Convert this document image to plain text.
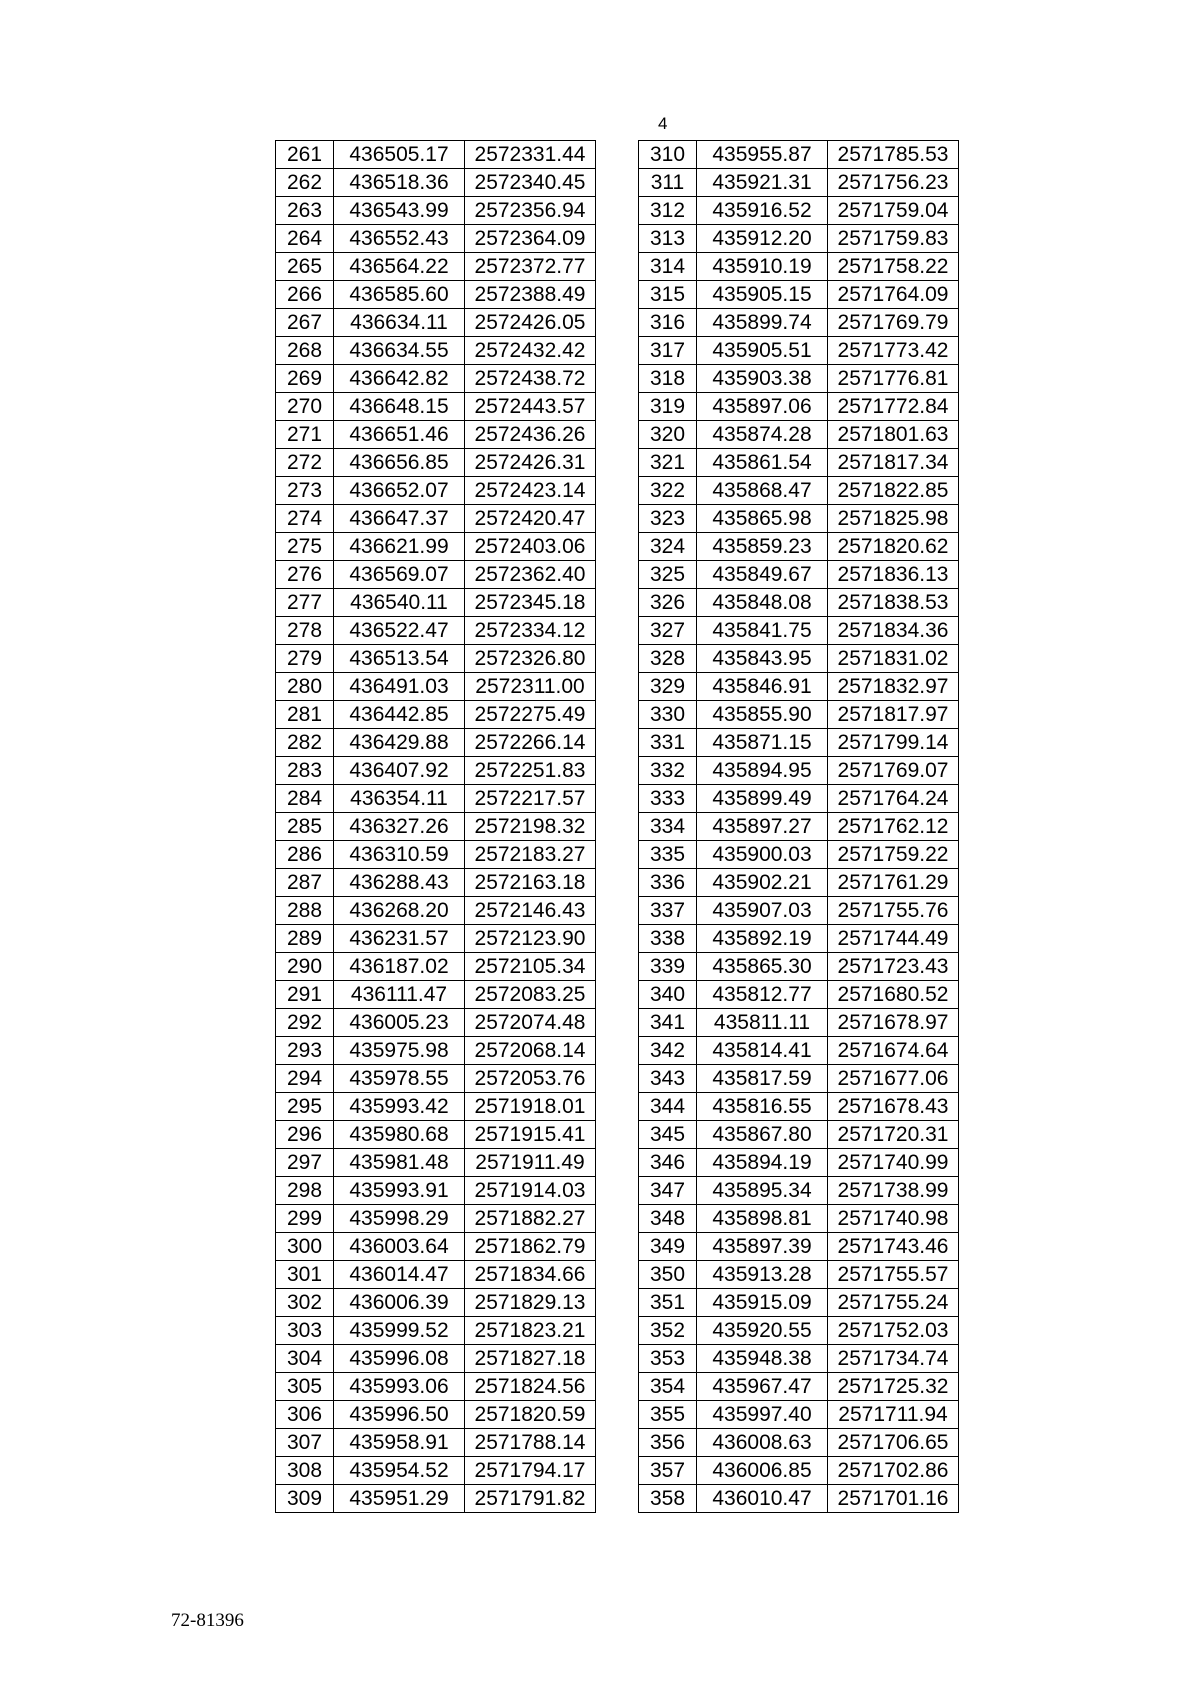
4
261	436505.17	2572331.44
262	436518.36	2572340.45
263	436543.99	2572356.94
264	436552.43	2572364.09
265	436564.22	2572372.77
266	436585.60	2572388.49
267	436634.11	2572426.05
268	436634.55	2572432.42
269	436642.82	2572438.72
270	436648.15	2572443.57
271	436651.46	2572436.26
272	436656.85	2572426.31
273	436652.07	2572423.14
274	436647.37	2572420.47
275	436621.99	2572403.06
276	436569.07	2572362.40
277	436540.11	2572345.18
278	436522.47	2572334.12
279	436513.54	2572326.80
280	436491.03	2572311.00
281	436442.85	2572275.49
282	436429.88	2572266.14
283	436407.92	2572251.83
284	436354.11	2572217.57
285	436327.26	2572198.32
286	436310.59	2572183.27
287	436288.43	2572163.18
288	436268.20	2572146.43
289	436231.57	2572123.90
290	436187.02	2572105.34
291	436111.47	2572083.25
292	436005.23	2572074.48
293	435975.98	2572068.14
294	435978.55	2572053.76
295	435993.42	2571918.01
296	435980.68	2571915.41
297	435981.48	2571911.49
298	435993.91	2571914.03
299	435998.29	2571882.27
300	436003.64	2571862.79
301	436014.47	2571834.66
302	436006.39	2571829.13
303	435999.52	2571823.21
304	435996.08	2571827.18
305	435993.06	2571824.56
306	435996.50	2571820.59
307	435958.91	2571788.14
308	435954.52	2571794.17
309	435951.29	2571791.82
310	435955.87	2571785.53
311	435921.31	2571756.23
312	435916.52	2571759.04
313	435912.20	2571759.83
314	435910.19	2571758.22
315	435905.15	2571764.09
316	435899.74	2571769.79
317	435905.51	2571773.42
318	435903.38	2571776.81
319	435897.06	2571772.84
320	435874.28	2571801.63
321	435861.54	2571817.34
322	435868.47	2571822.85
323	435865.98	2571825.98
324	435859.23	2571820.62
325	435849.67	2571836.13
326	435848.08	2571838.53
327	435841.75	2571834.36
328	435843.95	2571831.02
329	435846.91	2571832.97
330	435855.90	2571817.97
331	435871.15	2571799.14
332	435894.95	2571769.07
333	435899.49	2571764.24
334	435897.27	2571762.12
335	435900.03	2571759.22
336	435902.21	2571761.29
337	435907.03	2571755.76
338	435892.19	2571744.49
339	435865.30	2571723.43
340	435812.77	2571680.52
341	435811.11	2571678.97
342	435814.41	2571674.64
343	435817.59	2571677.06
344	435816.55	2571678.43
345	435867.80	2571720.31
346	435894.19	2571740.99
347	435895.34	2571738.99
348	435898.81	2571740.98
349	435897.39	2571743.46
350	435913.28	2571755.57
351	435915.09	2571755.24
352	435920.55	2571752.03
353	435948.38	2571734.74
354	435967.47	2571725.32
355	435997.40	2571711.94
356	436008.63	2571706.65
357	436006.85	2571702.86
358	436010.47	2571701.16
72-81396
